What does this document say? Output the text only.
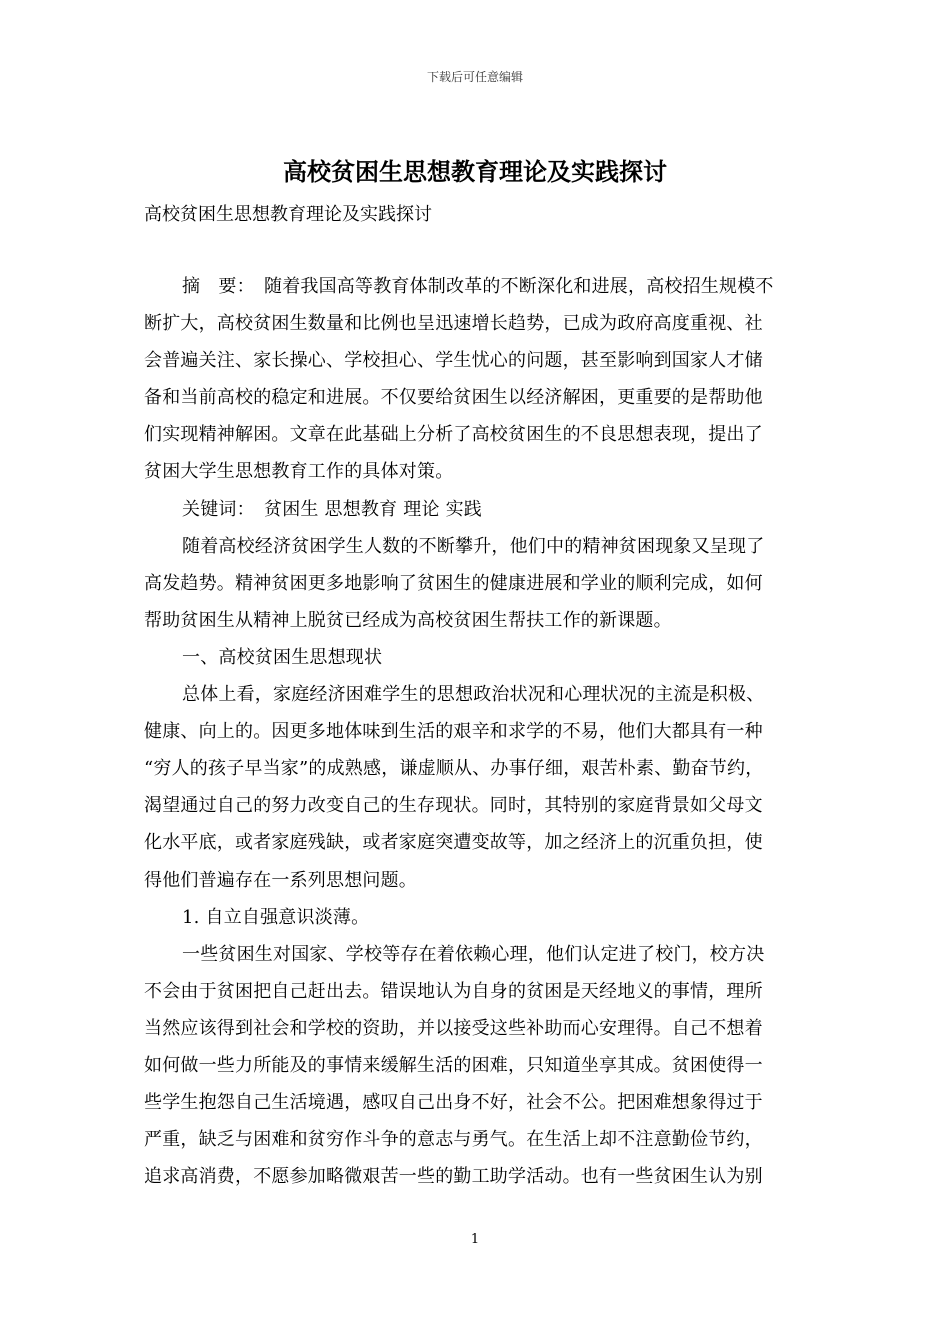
下载后可任意编辑
高校贫困生思想教育理论及实践探讨
高校贫困生思想教育理论及实践探讨
摘　要：　随着我国高等教育体制改革的不断深化和进展，高校招生规模不
断扩大，高校贫困生数量和比例也呈迅速增长趋势，已成为政府高度重视、社
会普遍关注、家长操心、学校担心、学生忧心的问题，甚至影响到国家人才储
备和当前高校的稳定和进展。不仅要给贫困生以经济解困，更重要的是帮助他
们实现精神解困。文章在此基础上分析了高校贫困生的不良思想表现，提出了
贫困大学生思想教育工作的具体对策。
关键词：　贫困生 思想教育 理论 实践
随着高校经济贫困学生人数的不断攀升，他们中的精神贫困现象又呈现了
高发趋势。精神贫困更多地影响了贫困生的健康进展和学业的顺利完成，如何
帮助贫困生从精神上脱贫已经成为高校贫困生帮扶工作的新课题。
一、高校贫困生思想现状
总体上看，家庭经济困难学生的思想政治状况和心理状况的主流是积极、
健康、向上的。因更多地体味到生活的艰辛和求学的不易，他们大都具有一种
“穷人的孩子早当家”的成熟感，谦虚顺从、办事仔细，艰苦朴素、勤奋节约，
渴望通过自己的努力改变自己的生存现状。同时，其特别的家庭背景如父母文
化水平底，或者家庭残缺，或者家庭突遭变故等，加之经济上的沉重负担，使
得他们普遍存在一系列思想问题。
1. 自立自强意识淡薄。
一些贫困生对国家、学校等存在着依赖心理，他们认定进了校门，校方决
不会由于贫困把自己赶出去。错误地认为自身的贫困是天经地义的事情，理所
当然应该得到社会和学校的资助，并以接受这些补助而心安理得。自己不想着
如何做一些力所能及的事情来缓解生活的困难，只知道坐享其成。贫困使得一
些学生抱怨自己生活境遇，感叹自己出身不好，社会不公。把困难想象得过于
严重，缺乏与困难和贫穷作斗争的意志与勇气。在生活上却不注意勤俭节约，
追求高消费，不愿参加略微艰苦一些的勤工助学活动。也有一些贫困生认为别
1
